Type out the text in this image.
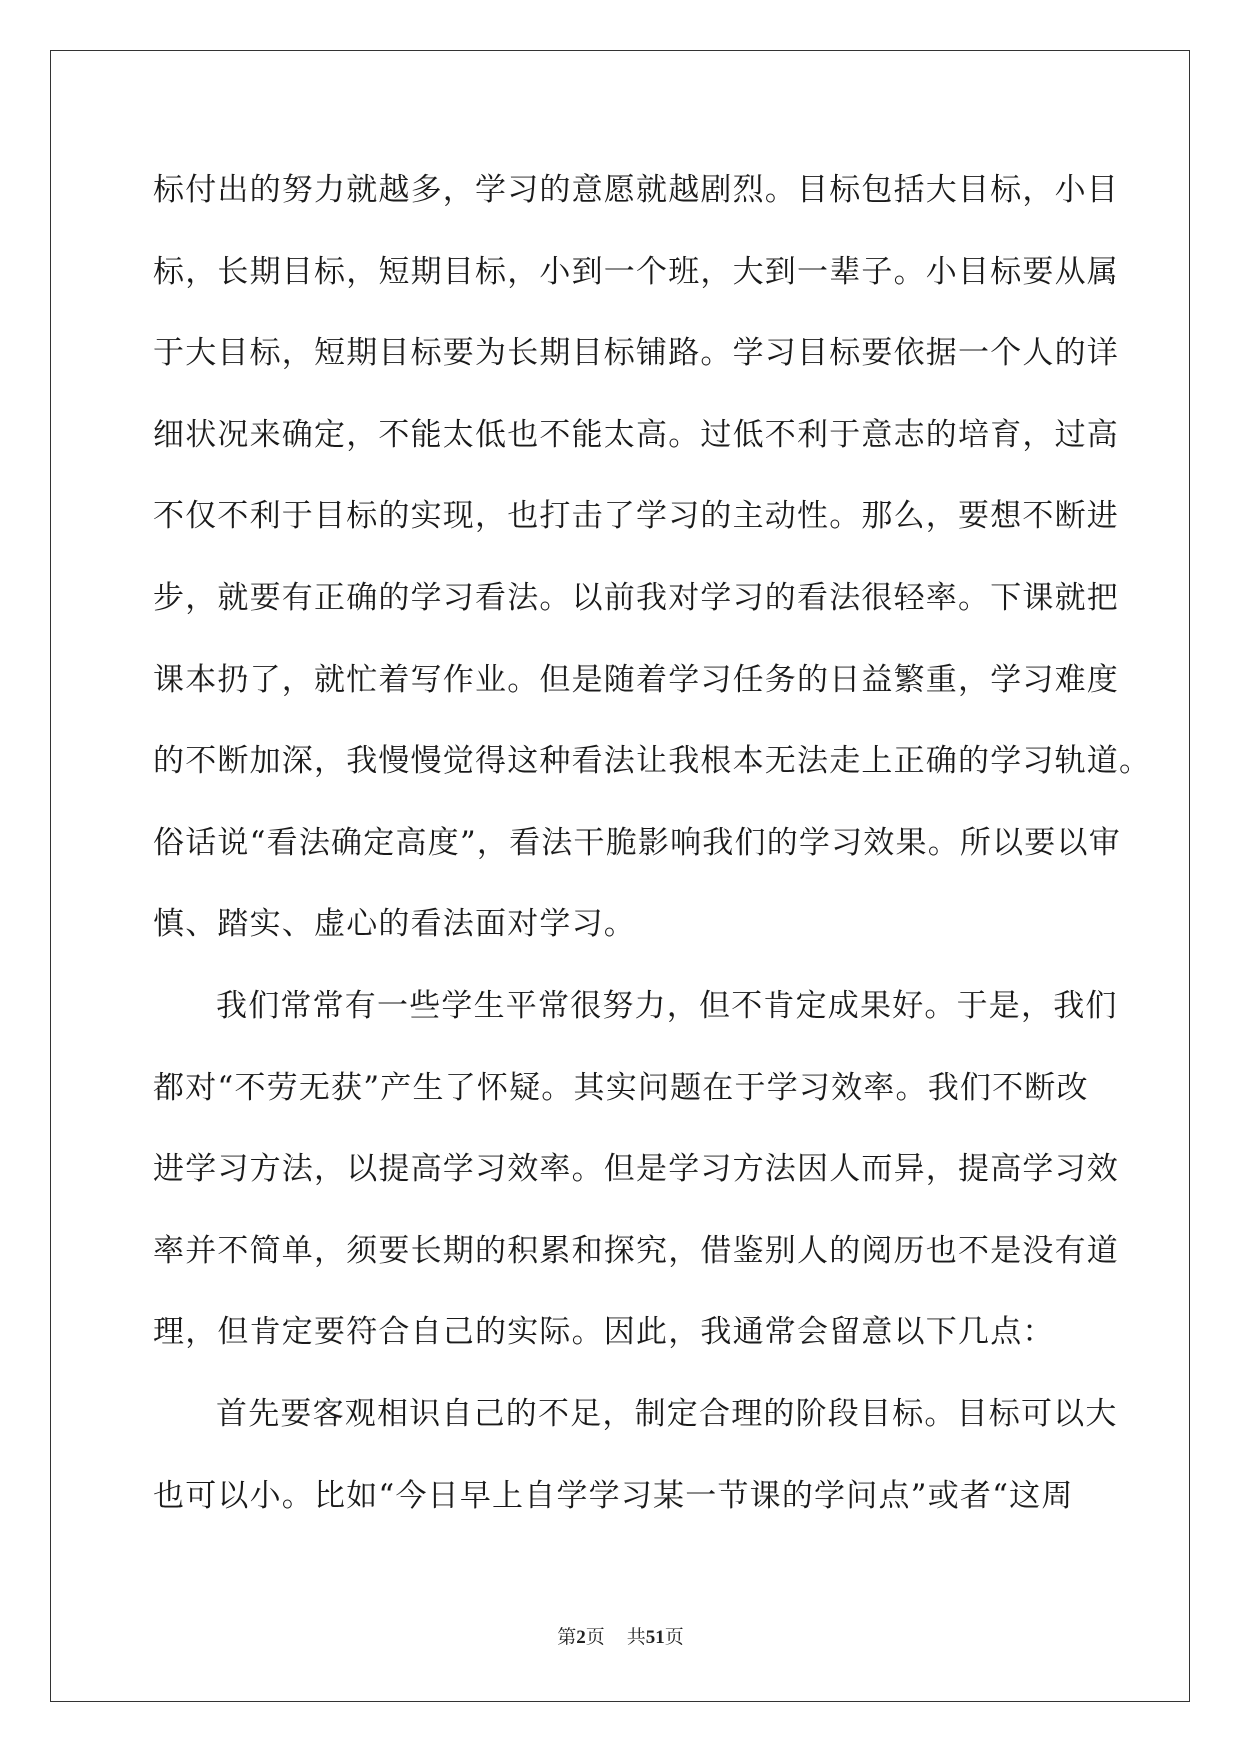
标付出的努力就越多，学习的意愿就越剧烈。目标包括大目标，小目
标，长期目标，短期目标，小到一个班，大到一辈子。小目标要从属
于大目标，短期目标要为长期目标铺路。学习目标要依据一个人的详
细状况来确定，不能太低也不能太高。过低不利于意志的培育，过高
不仅不利于目标的实现，也打击了学习的主动性。那么，要想不断进
步，就要有正确的学习看法。以前我对学习的看法很轻率。下课就把
课本扔了，就忙着写作业。但是随着学习任务的日益繁重，学习难度
的不断加深，我慢慢觉得这种看法让我根本无法走上正确的学习轨道。
俗话说“看法确定高度”，看法干脆影响我们的学习效果。所以要以审
慎、踏实、虚心的看法面对学习。
我们常常有一些学生平常很努力，但不肯定成果好。于是，我们
都对“不劳无获”产生了怀疑。其实问题在于学习效率。我们不断改
进学习方法，以提高学习效率。但是学习方法因人而异，提高学习效
率并不简单，须要长期的积累和探究，借鉴别人的阅历也不是没有道
理，但肯定要符合自己的实际。因此，我通常会留意以下几点：
首先要客观相识自己的不足，制定合理的阶段目标。目标可以大
也可以小。比如“今日早上自学学习某一节课的学问点”或者“这周
第2页 共51页
